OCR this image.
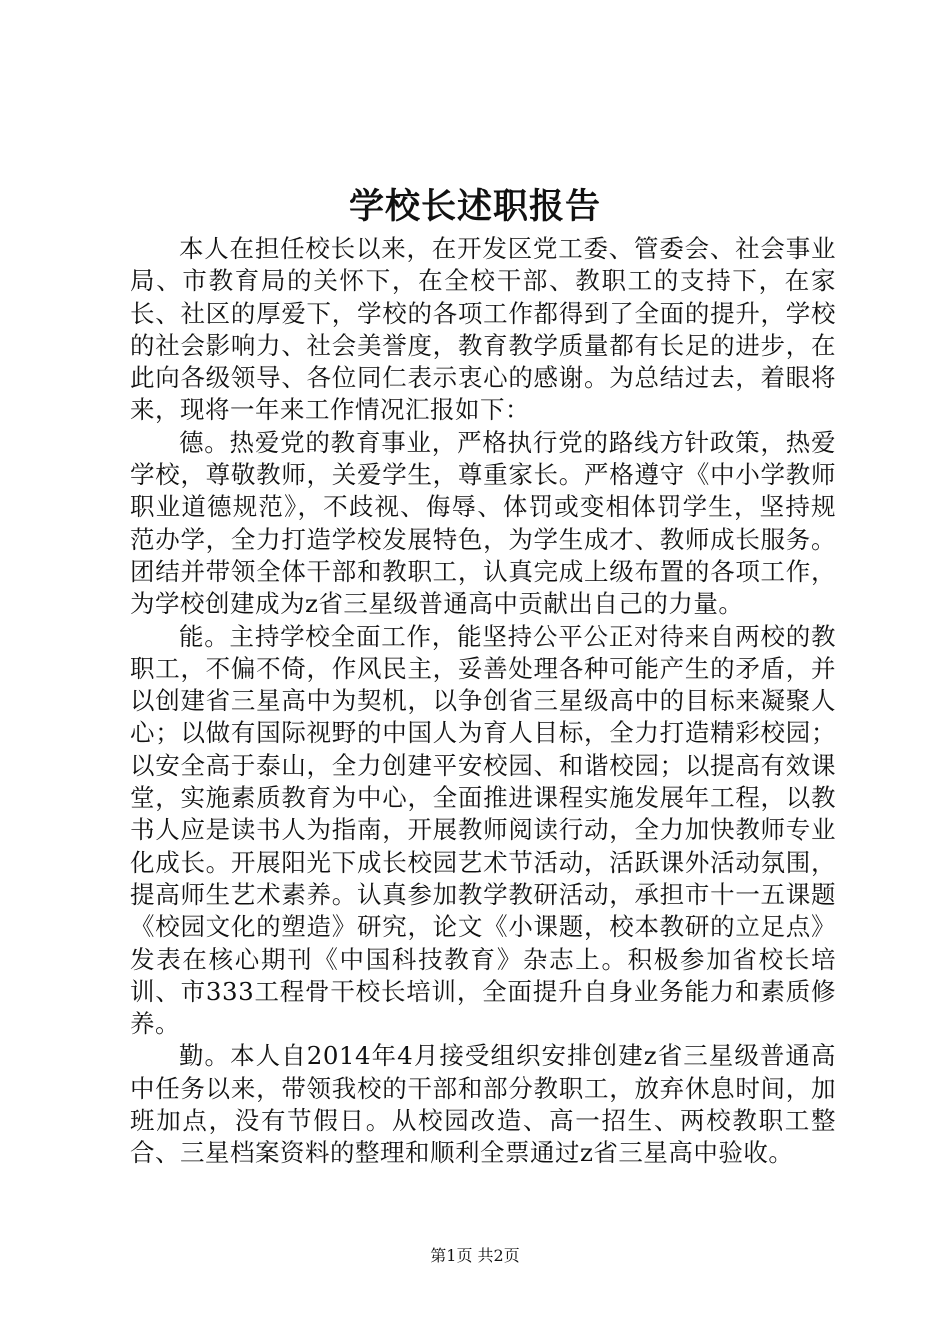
学校长述职报告

本人在担任校长以来，在开发区党工委、管委会、社会事业局、市教育局的关怀下，在全校干部、教职工的支持下，在家长、社区的厚爱下，学校的各项工作都得到了全面的提升，学校的社会影响力、社会美誉度，教育教学质量都有长足的进步，在此向各级领导、各位同仁表示衷心的感谢。为总结过去，着眼将来，现将一年来工作情况汇报如下：

德。热爱党的教育事业，严格执行党的路线方针政策，热爱学校，尊敬教师，关爱学生，尊重家长。严格遵守《中小学教师职业道德规范》，不歧视、侮辱、体罚或变相体罚学生，坚持规范办学，全力打造学校发展特色，为学生成才、教师成长服务。团结并带领全体干部和教职工，认真完成上级布置的各项工作，为学校创建成为z省三星级普通高中贡献出自己的力量。

能。主持学校全面工作，能坚持公平公正对待来自两校的教职工，不偏不倚，作风民主，妥善处理各种可能产生的矛盾，并以创建省三星高中为契机，以争创省三星级高中的目标来凝聚人心；以做有国际视野的中国人为育人目标，全力打造精彩校园；以安全高于泰山，全力创建平安校园、和谐校园；以提高有效课堂，实施素质教育为中心，全面推进课程实施发展年工程，以教书人应是读书人为指南，开展教师阅读行动，全力加快教师专业化成长。开展阳光下成长校园艺术节活动，活跃课外活动氛围，提高师生艺术素养。认真参加教学教研活动，承担市十一五课题《校园文化的塑造》研究，论文《小课题，校本教研的立足点》发表在核心期刊《中国科技教育》杂志上。积极参加省校长培训、市333工程骨干校长培训，全面提升自身业务能力和素质修养。

勤。本人自2014年4月接受组织安排创建z省三星级普通高中任务以来，带领我校的干部和部分教职工，放弃休息时间，加班加点，没有节假日。从校园改造、高一招生、两校教职工整合、三星档案资料的整理和顺利全票通过z省三星高中验收。

第1页 共2页
